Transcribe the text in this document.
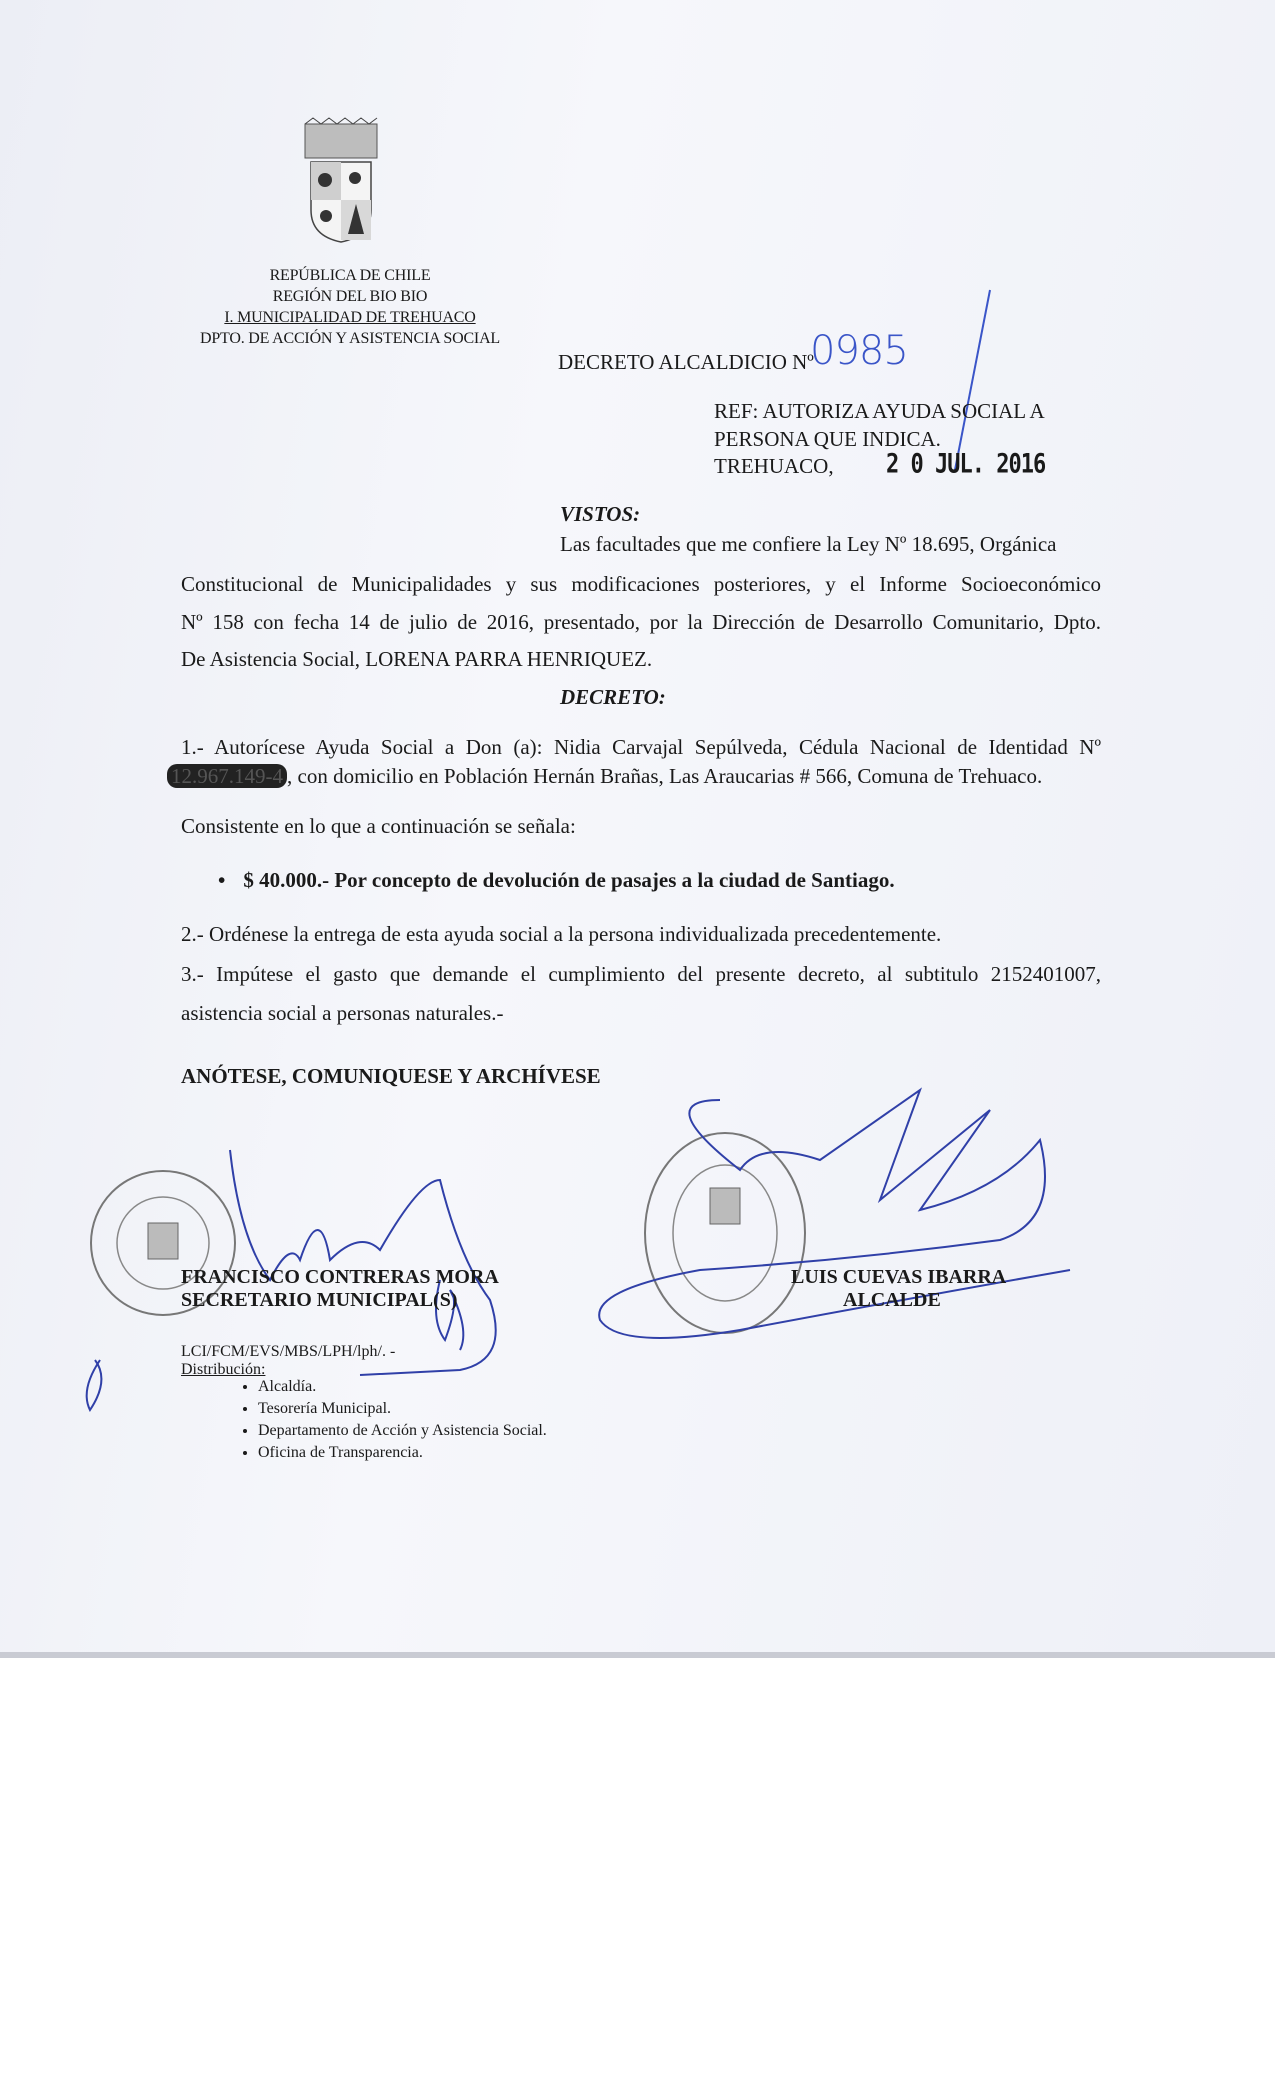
REPÚBLICA DE CHILE
REGIÓN DEL BIO BIO
I. MUNICIPALIDAD DE TREHUACO
DPTO. DE ACCIÓN Y ASISTENCIA SOCIAL
DECRETO ALCALDICIO Nº
0985
REF: AUTORIZA AYUDA SOCIAL A
PERSONA QUE INDICA.
TREHUACO, 2 0 JUL. 2016
VISTOS:
Las facultades que me confiere la Ley Nº 18.695, Orgánica
Constitucional de Municipalidades y sus modificaciones posteriores, y el Informe Socioeconómico
Nº 158 con fecha 14 de julio de 2016, presentado, por la Dirección de Desarrollo Comunitario, Dpto.
De Asistencia Social, LORENA PARRA HENRIQUEZ.
DECRETO:
1.- Autorícese Ayuda Social a Don (a): Nidia Carvajal Sepúlveda, Cédula Nacional de Identidad Nº
12.967.149-4 , con domicilio en Población Hernán Brañas, Las Araucarias # 566, Comuna de Trehuaco.
Consistente en lo que a continuación se señala:
• $ 40.000.- Por concepto de devolución de pasajes a la ciudad de Santiago.
2.- Ordénese la entrega de esta ayuda social a la persona individualizada precedentemente.
3.- Impútese el gasto que demande el cumplimiento del presente decreto, al subtitulo 2152401007,
asistencia social a personas naturales.-
ANÓTESE, COMUNIQUESE Y ARCHÍVESE
FRANCISCO CONTRERAS MORA
SECRETARIO MUNICIPAL(S)
LUIS CUEVAS IBARRA
ALCALDE
LCI/FCM/EVS/MBS/LPH/lph/. -
Distribución:
• Alcaldía.
• Tesorería Municipal.
• Departamento de Acción y Asistencia Social.
• Oficina de Transparencia.
